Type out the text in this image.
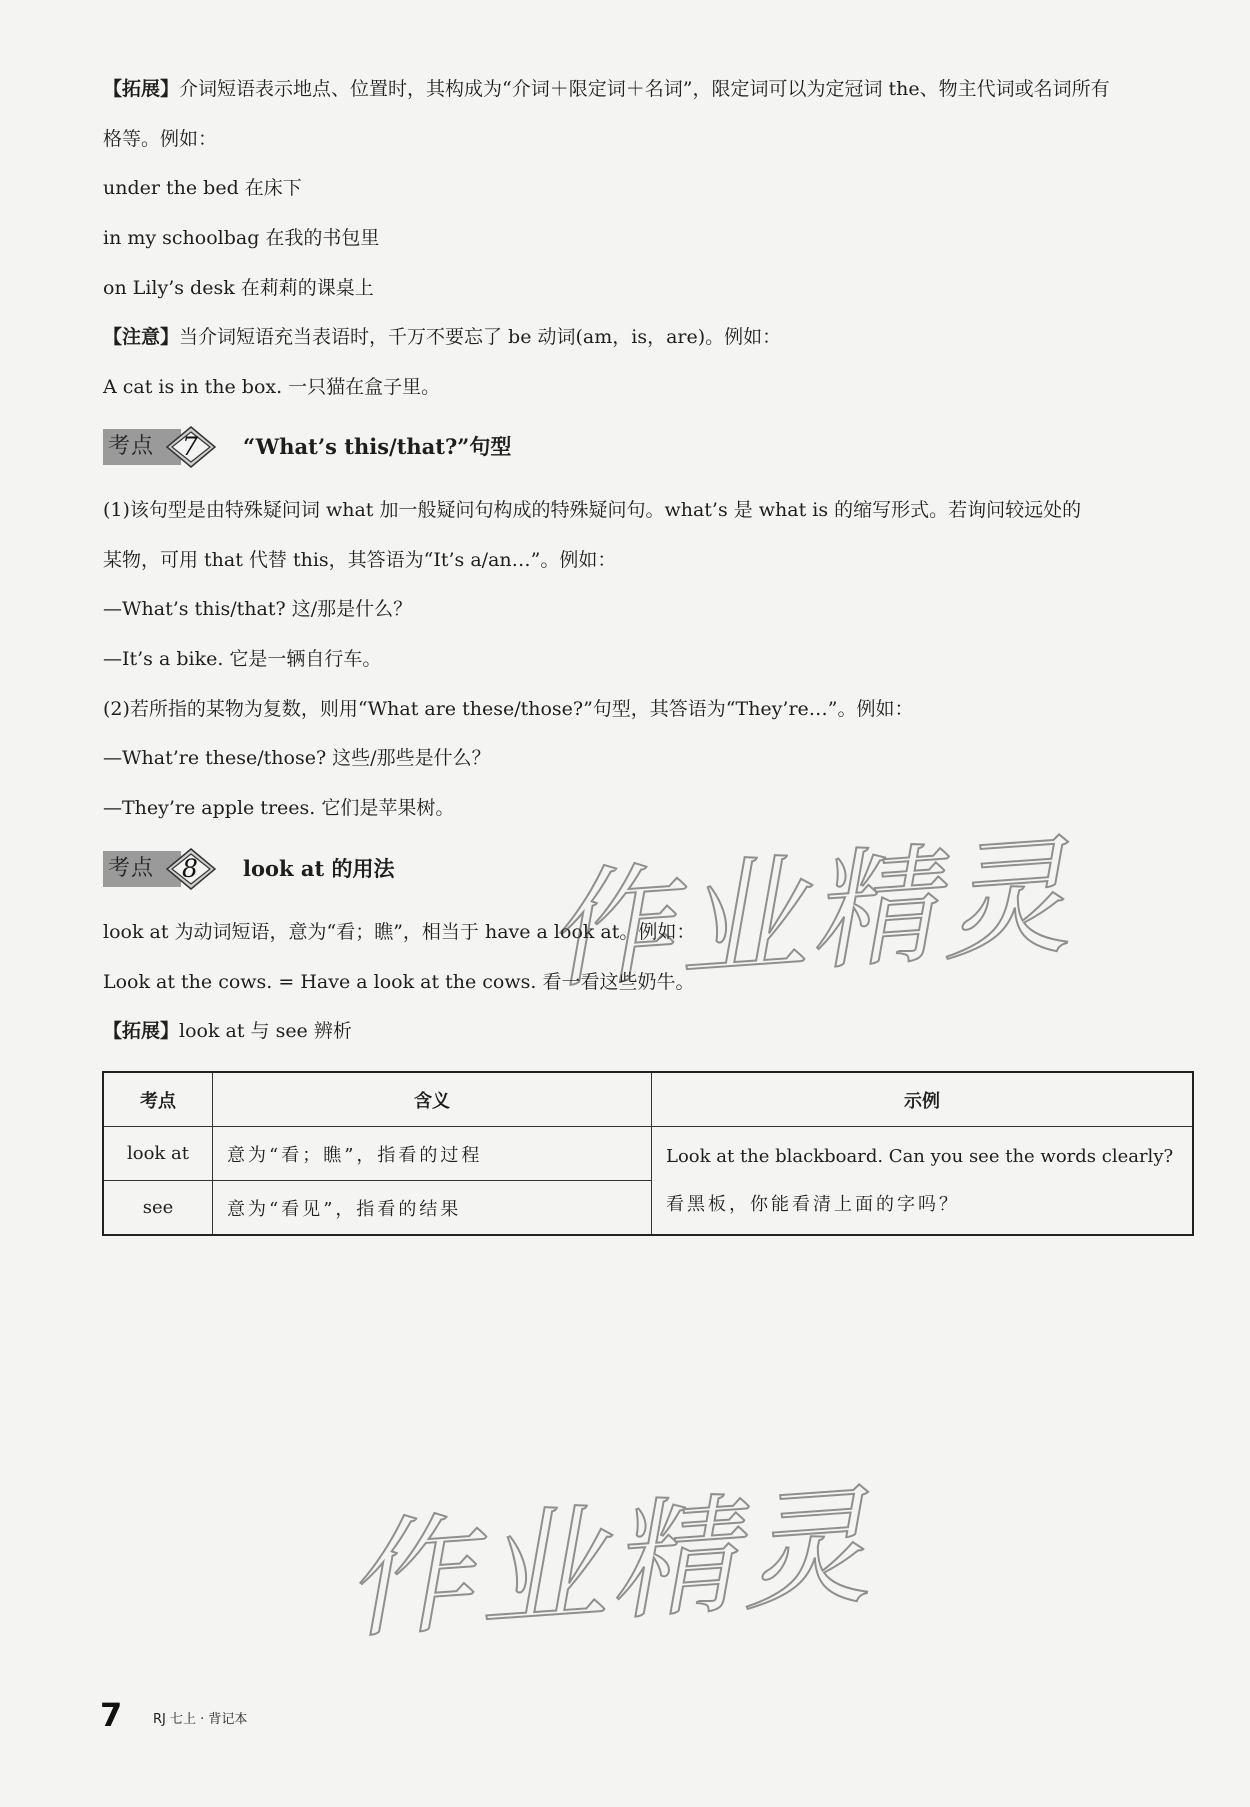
【拓展】介词短语表示地点、位置时，其构成为“介词＋限定词＋名词”，限定词可以为定冠词 the、物主代词或名词所有
格等。例如：
under the bed 在床下
in my schoolbag 在我的书包里
on Lily’s desk 在莉莉的课桌上
【注意】当介词短语充当表语时，千万不要忘了 be 动词(am，is，are)。例如：
A cat is in the box. 一只猫在盒子里。
考点 7	“What’s this/that?”句型
(1)该句型是由特殊疑问词 what 加一般疑问句构成的特殊疑问句。what’s 是 what is 的缩写形式。若询问较远处的
某物，可用 that 代替 this，其答语为“It’s a/an…”。例如：
—What’s this/that? 这/那是什么？
—It’s a bike. 它是一辆自行车。
(2)若所指的某物为复数，则用“What are these/those?”句型，其答语为“They’re…”。例如：
—What’re these/those? 这些/那些是什么？
—They’re apple trees. 它们是苹果树。
考点 8	look at 的用法
look at 为动词短语，意为“看；瞧”，相当于 have a look at。例如：
Look at the cows. = Have a look at the cows. 看一看这些奶牛。
【拓展】look at 与 see 辨析
考点	含义	示例
look at	意为“看；瞧”，指看的过程	Look at the blackboard. Can you see the words clearly?
看黑板，你能看清上面的字吗？

see	意为“看见”，指看的结果	
作业精灵
作业精灵
7 RJ 七上 · 背记本
